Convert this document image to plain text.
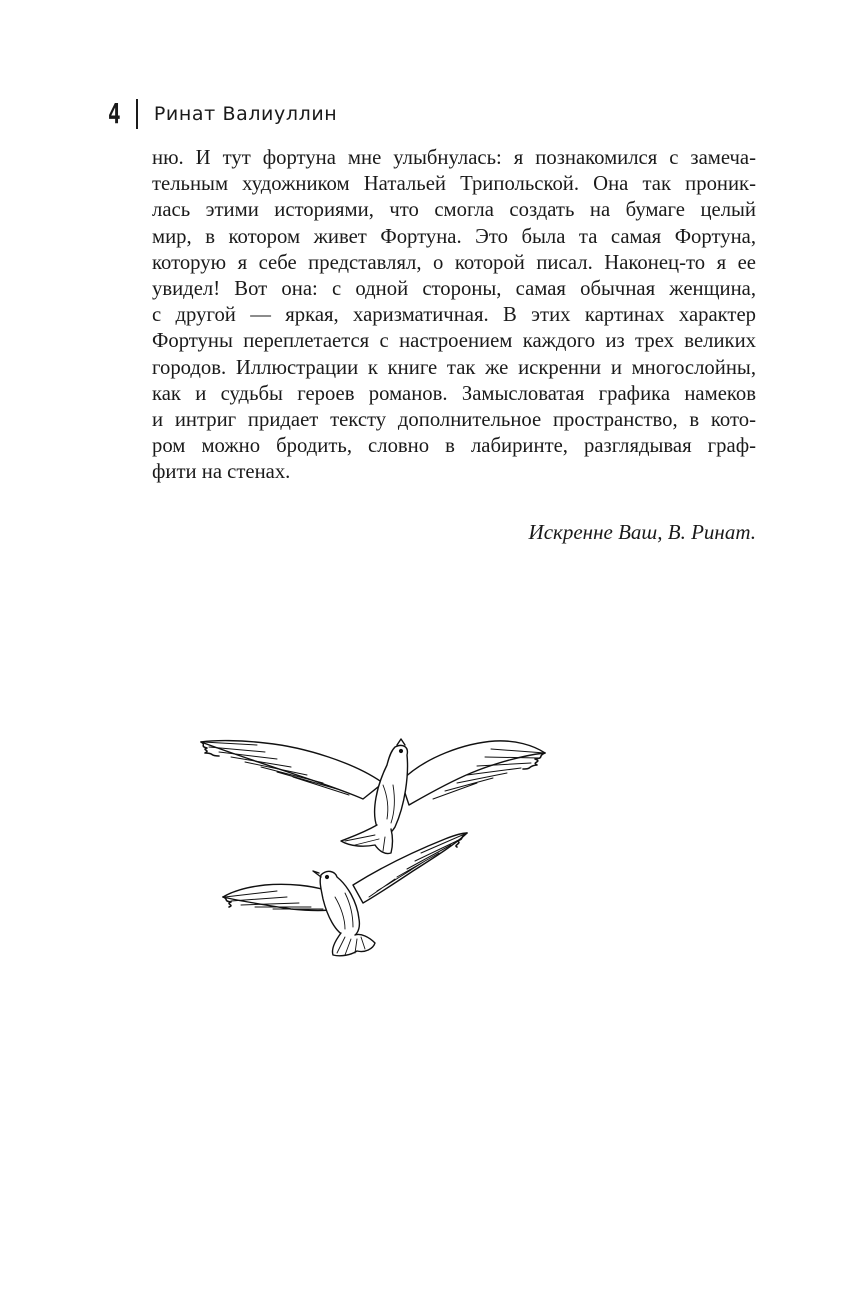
4 Ринат Валиуллин
ню. И тут фортуна мне улыбнулась: я познакомился с замеча-
тельным художником Натальей Трипольской. Она так проник-
лась этими историями, что смогла создать на бумаге целый
мир, в котором живет Фортуна. Это была та самая Фортуна,
которую я себе представлял, о которой писал. Наконец-то я ее
увидел! Вот она: с одной стороны, самая обычная женщина,
с другой — яркая, харизматичная. В этих картинах характер
Фортуны переплетается с настроением каждого из трех великих
городов. Иллюстрации к книге так же искренни и многослойны,
как и судьбы героев романов. Замысловатая графика намеков
и интриг придает тексту дополнительное пространство, в кото-
ром можно бродить, словно в лабиринте, разглядывая граф-
фити на стенах.
Искренне Ваш, В. Ринат.
